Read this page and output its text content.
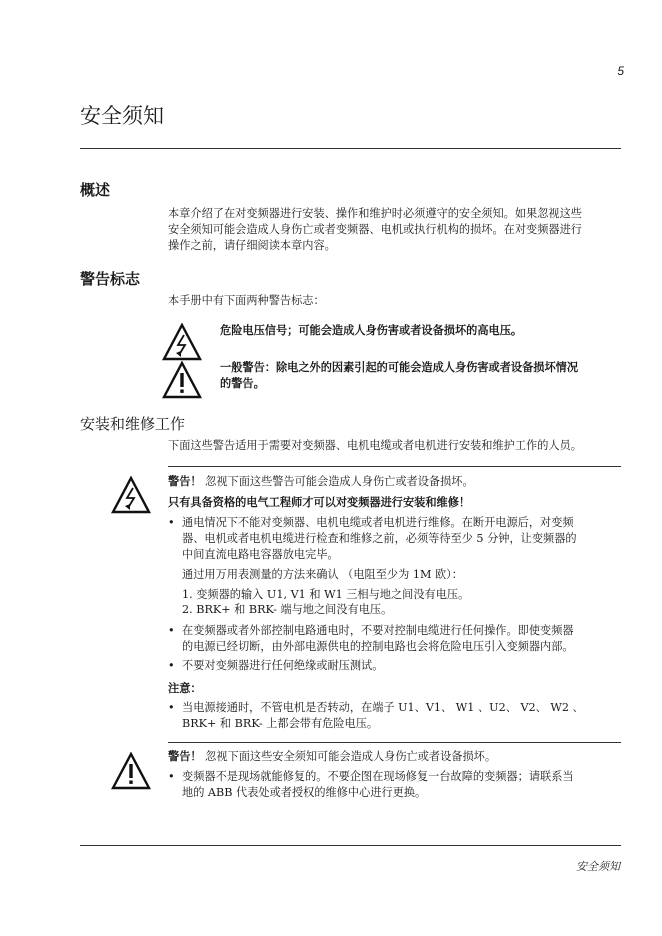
5
安全须知
概述

本章介绍了在对变频器进行安装、操作和维护时必须遵守的安全须知。如果忽视这些

安全须知可能会造成人身伤亡或者变频器、电机或执行机构的损坏。在对变频器进行

操作之前，请仔细阅读本章内容。

警告标志
本手册中有下面两种警告标志：
危险电压信号；可能会造成人身伤害或者设备损坏的高电压。
一般警告：除电之外的因素引起的可能会造成人身伤害或者设备损坏情况
的警告。
安装和维修工作
下面这些警告适用于需要对变频器、电机电缆或者电机进行安装和维护工作的人员。
警告！ 忽视下面这些警告可能会造成人身伤亡或者设备损坏。
只有具备资格的电气工程师才可以对变频器进行安装和维修！
• 通电情况下不能对变频器、电机电缆或者电机进行维修。在断开电源后，对变频
器、电机或者电机电缆进行检查和维修之前，必须等待至少 5 分钟，让变频器的
中间直流电路电容器放电完毕。
通过用万用表测量的方法来确认 （电阻至少为 1M 欧）：
1. 变频器的输入 U1, V1 和 W1 三相与地之间没有电压。
2. BRK+ 和 BRK- 端与地之间没有电压。
• 在变频器或者外部控制电路通电时，不要对控制电缆进行任何操作。即使变频器
的电源已经切断，由外部电源供电的控制电路也会将危险电压引入变频器内部。
• 不要对变频器进行任何绝缘或耐压测试。
注意：
• 当电源接通时，不管电机是否转动，在端子 U1、V1、 W1 、U2、 V2、 W2 、
BRK+ 和 BRK- 上都会带有危险电压。
警告！ 忽视下面这些安全须知可能会造成人身伤亡或者设备损坏。
• 变频器不是现场就能修复的。不要企图在现场修复一台故障的变频器；请联系当
地的 ABB 代表处或者授权的维修中心进行更换。
安全须知
